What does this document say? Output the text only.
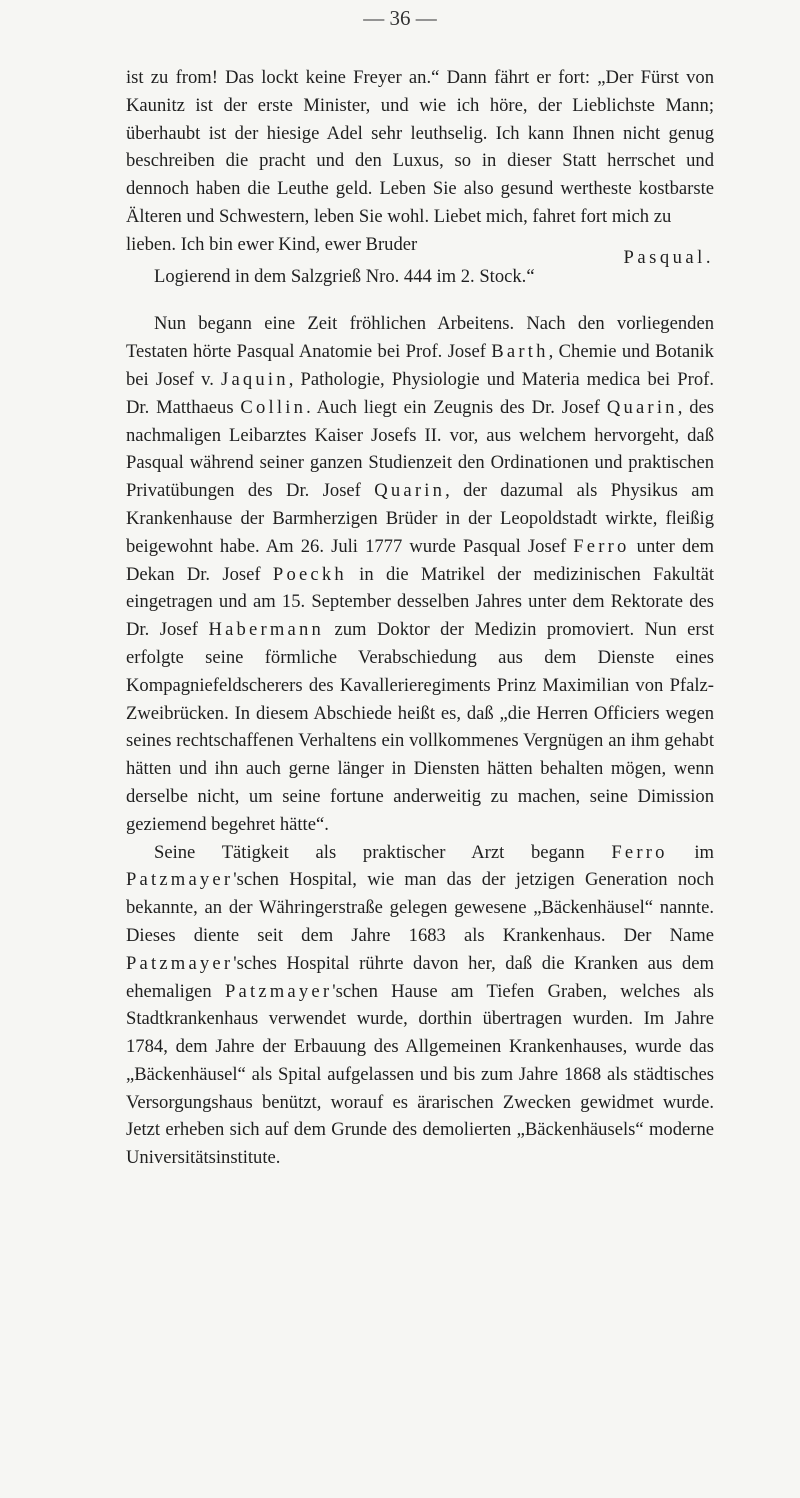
— 36 —

ist zu from! Das lockt keine Freyer an.“ Dann fährt er fort: „Der Fürst von Kaunitz ist der erste Minister, und wie ich höre, der Lieblichste Mann; überhaubt ist der hiesige Adel sehr leuthselig. Ich kann Ihnen nicht genug beschreiben die pracht und den Luxus, so in dieser Statt herrschet und dennoch haben die Leuthe geld. Leben Sie also gesund wertheste kostbarste Älteren und Schwestern, leben Sie wohl. Liebet mich, fahret fort mich zu

lieben. Ich bin ewer Kind, ewer Bruder
Pasqual.

Logierend in dem Salzgrieß Nro. 444 im 2. Stock.“

Nun begann eine Zeit fröhlichen Arbeitens. Nach den vorliegenden Testaten hörte Pasqual Anatomie bei Prof. Josef Barth, Chemie und Botanik bei Josef v. Jaquin, Pathologie, Physiologie und Materia medica bei Prof. Dr. Matthaeus Collin. Auch liegt ein Zeugnis des Dr. Josef Quarin, des nachmaligen Leibarztes Kaiser Josefs II. vor, aus welchem hervorgeht, daß Pasqual während seiner ganzen Studienzeit den Ordinationen und praktischen Privatübungen des Dr. Josef Quarin, der dazumal als Physikus am Krankenhause der Barmherzigen Brüder in der Leopoldstadt wirkte, fleißig beigewohnt habe. Am 26. Juli 1777 wurde Pasqual Josef Ferro unter dem Dekan Dr. Josef Poeckh in die Matrikel der medizinischen Fakultät eingetragen und am 15. September desselben Jahres unter dem Rektorate des Dr. Josef Habermann zum Doktor der Medizin promoviert. Nun erst erfolgte seine förmliche Verabschiedung aus dem Dienste eines Kompagniefeldscherers des Kavallerieregiments Prinz Maximilian von Pfalz-Zweibrücken. In diesem Abschiede heißt es, daß „die Herren Officiers wegen seines rechtschaffenen Verhaltens ein vollkommenes Vergnügen an ihm gehabt hätten und ihn auch gerne länger in Diensten hätten behalten mögen, wenn derselbe nicht, um seine fortune anderweitig zu machen, seine Dimission geziemend begehret hätte“.

Seine Tätigkeit als praktischer Arzt begann Ferro im Patzmayer'schen Hospital, wie man das der jetzigen Generation noch bekannte, an der Währingerstraße gelegen gewesene „Bäckenhäusel“ nannte. Dieses diente seit dem Jahre 1683 als Krankenhaus. Der Name Patzmayer'sches Hospital rührte davon her, daß die Kranken aus dem ehemaligen Patzmayer'schen Hause am Tiefen Graben, welches als Stadtkrankenhaus verwendet wurde, dorthin übertragen wurden. Im Jahre 1784, dem Jahre der Erbauung des Allgemeinen Krankenhauses, wurde das „Bäckenhäusel“ als Spital aufgelassen und bis zum Jahre 1868 als städtisches Versorgungshaus benützt, worauf es ärarischen Zwecken gewidmet wurde. Jetzt erheben sich auf dem Grunde des demolierten „Bäckenhäusels“ moderne Universitätsinstitute.
